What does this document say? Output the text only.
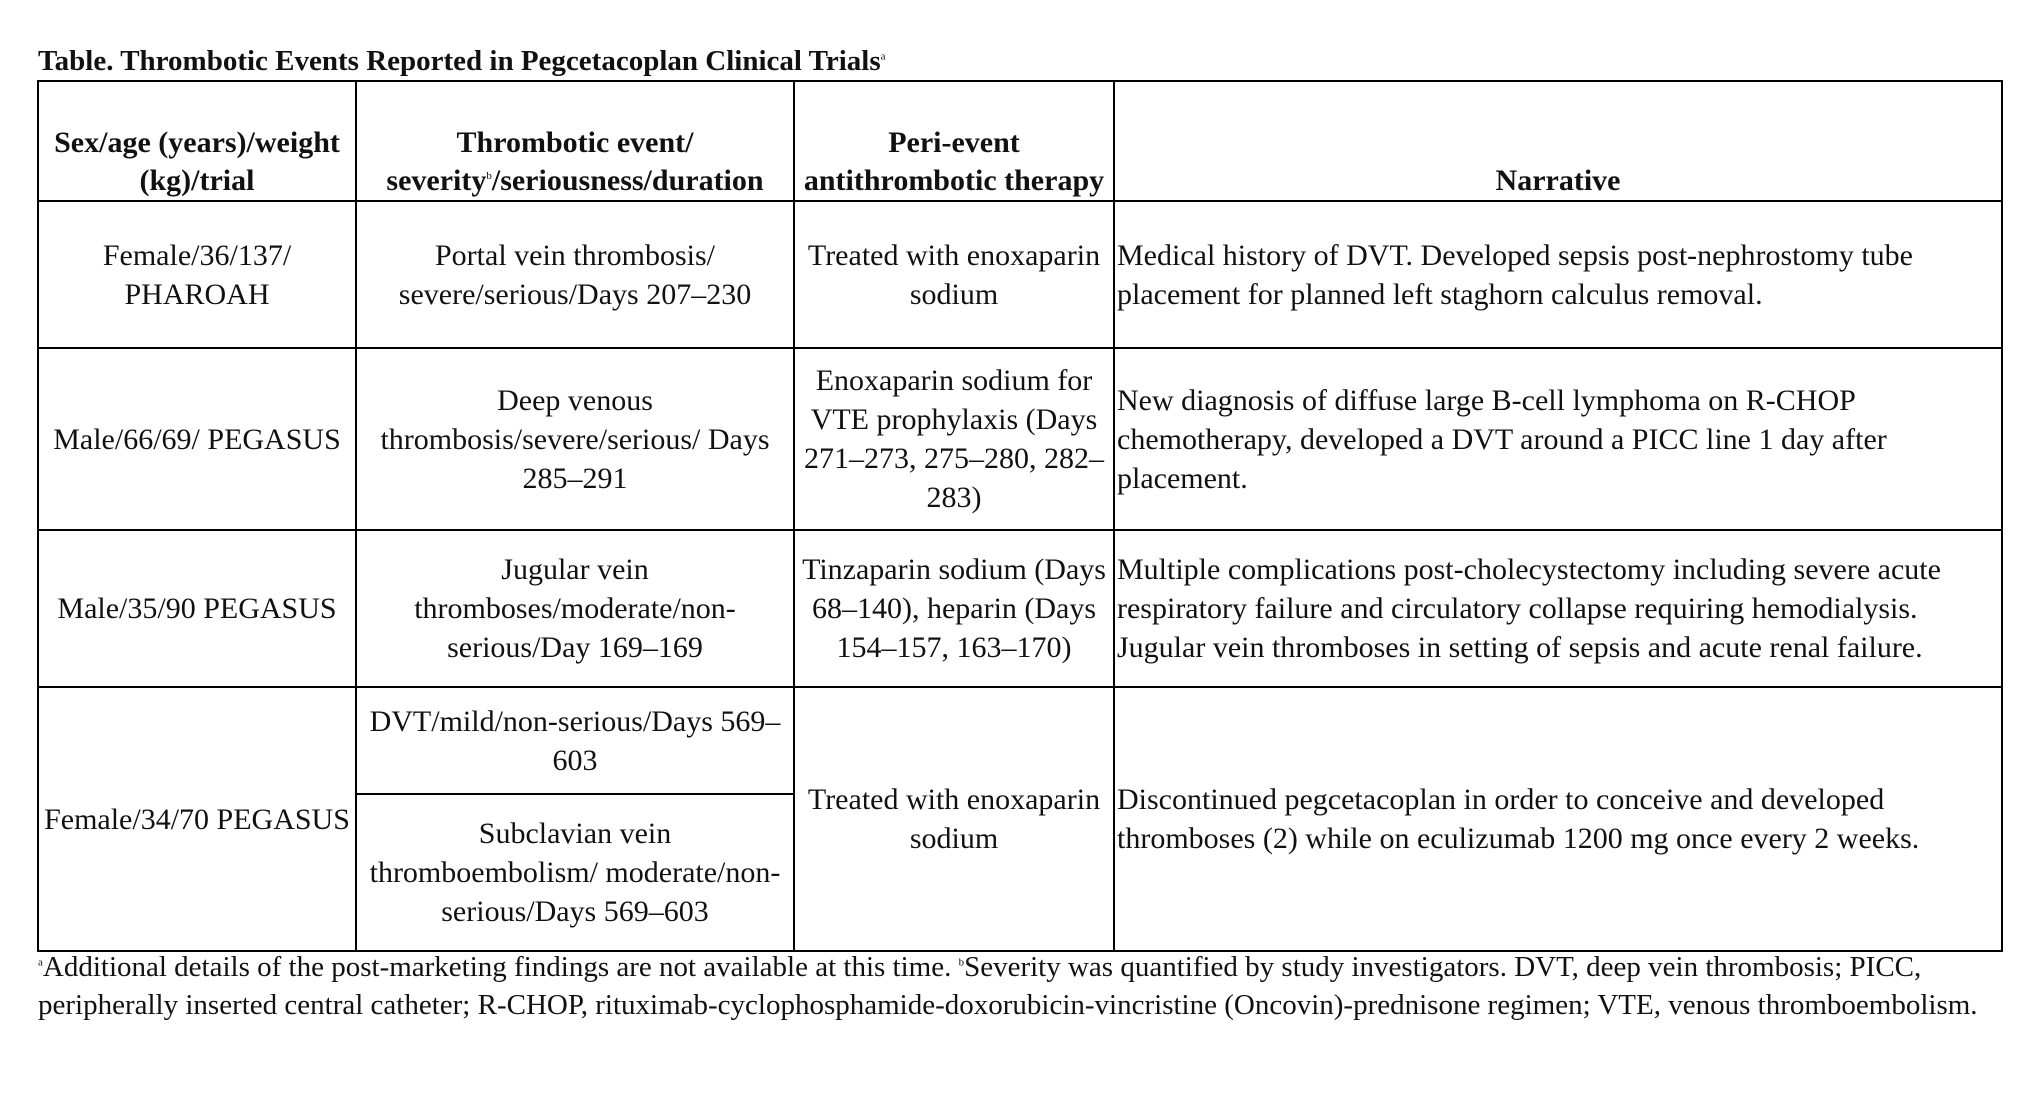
Table. Thrombotic Events Reported in Pegcetacoplan Clinical Trials$^a$
Sex/age (years)/weight (kg)/trial	Thrombotic event/ severity$^b$/seriousness/duration	Peri-event antithrombotic therapy	Narrative
Female/36/137/ PHAROAH	Portal vein thrombosis/ severe/serious/Days 207–230	Treated with enoxaparin sodium	Medical history of DVT. Developed sepsis post-nephrostomy tube placement for planned left staghorn calculus removal.
Male/66/69/ PEGASUS	Deep venous thrombosis/severe/serious/ Days 285–291	Enoxaparin sodium for VTE prophylaxis (Days 271–273, 275–280, 282–283)	New diagnosis of diffuse large B-cell lymphoma on R-CHOP chemotherapy, developed a DVT around a PICC line 1 day after placement.
Male/35/90 PEGASUS	Jugular vein thromboses/moderate/non-serious/Day 169–169	Tinzaparin sodium (Days 68–140), heparin (Days 154–157, 163–170)	Multiple complications post-cholecystectomy including severe acute respiratory failure and circulatory collapse requiring hemodialysis. Jugular vein thromboses in setting of sepsis and acute renal failure.
Female/34/70 PEGASUS	DVT/mild/non-serious/Days 569–603	Treated with enoxaparin sodium	Discontinued pegcetacoplan in order to conceive and developed thromboses (2) while on eculizumab 1200 mg once every 2 weeks.
	Subclavian vein thromboembolism/ moderate/non-serious/Days 569–603		
$^a$Additional details of the post-marketing findings are not available at this time. $^b$Severity was quantified by study investigators. DVT, deep vein thrombosis; PICC, peripherally inserted central catheter; R-CHOP, rituximab-cyclophosphamide-doxorubicin-vincristine (Oncovin)-prednisone regimen; VTE, venous thromboembolism.
